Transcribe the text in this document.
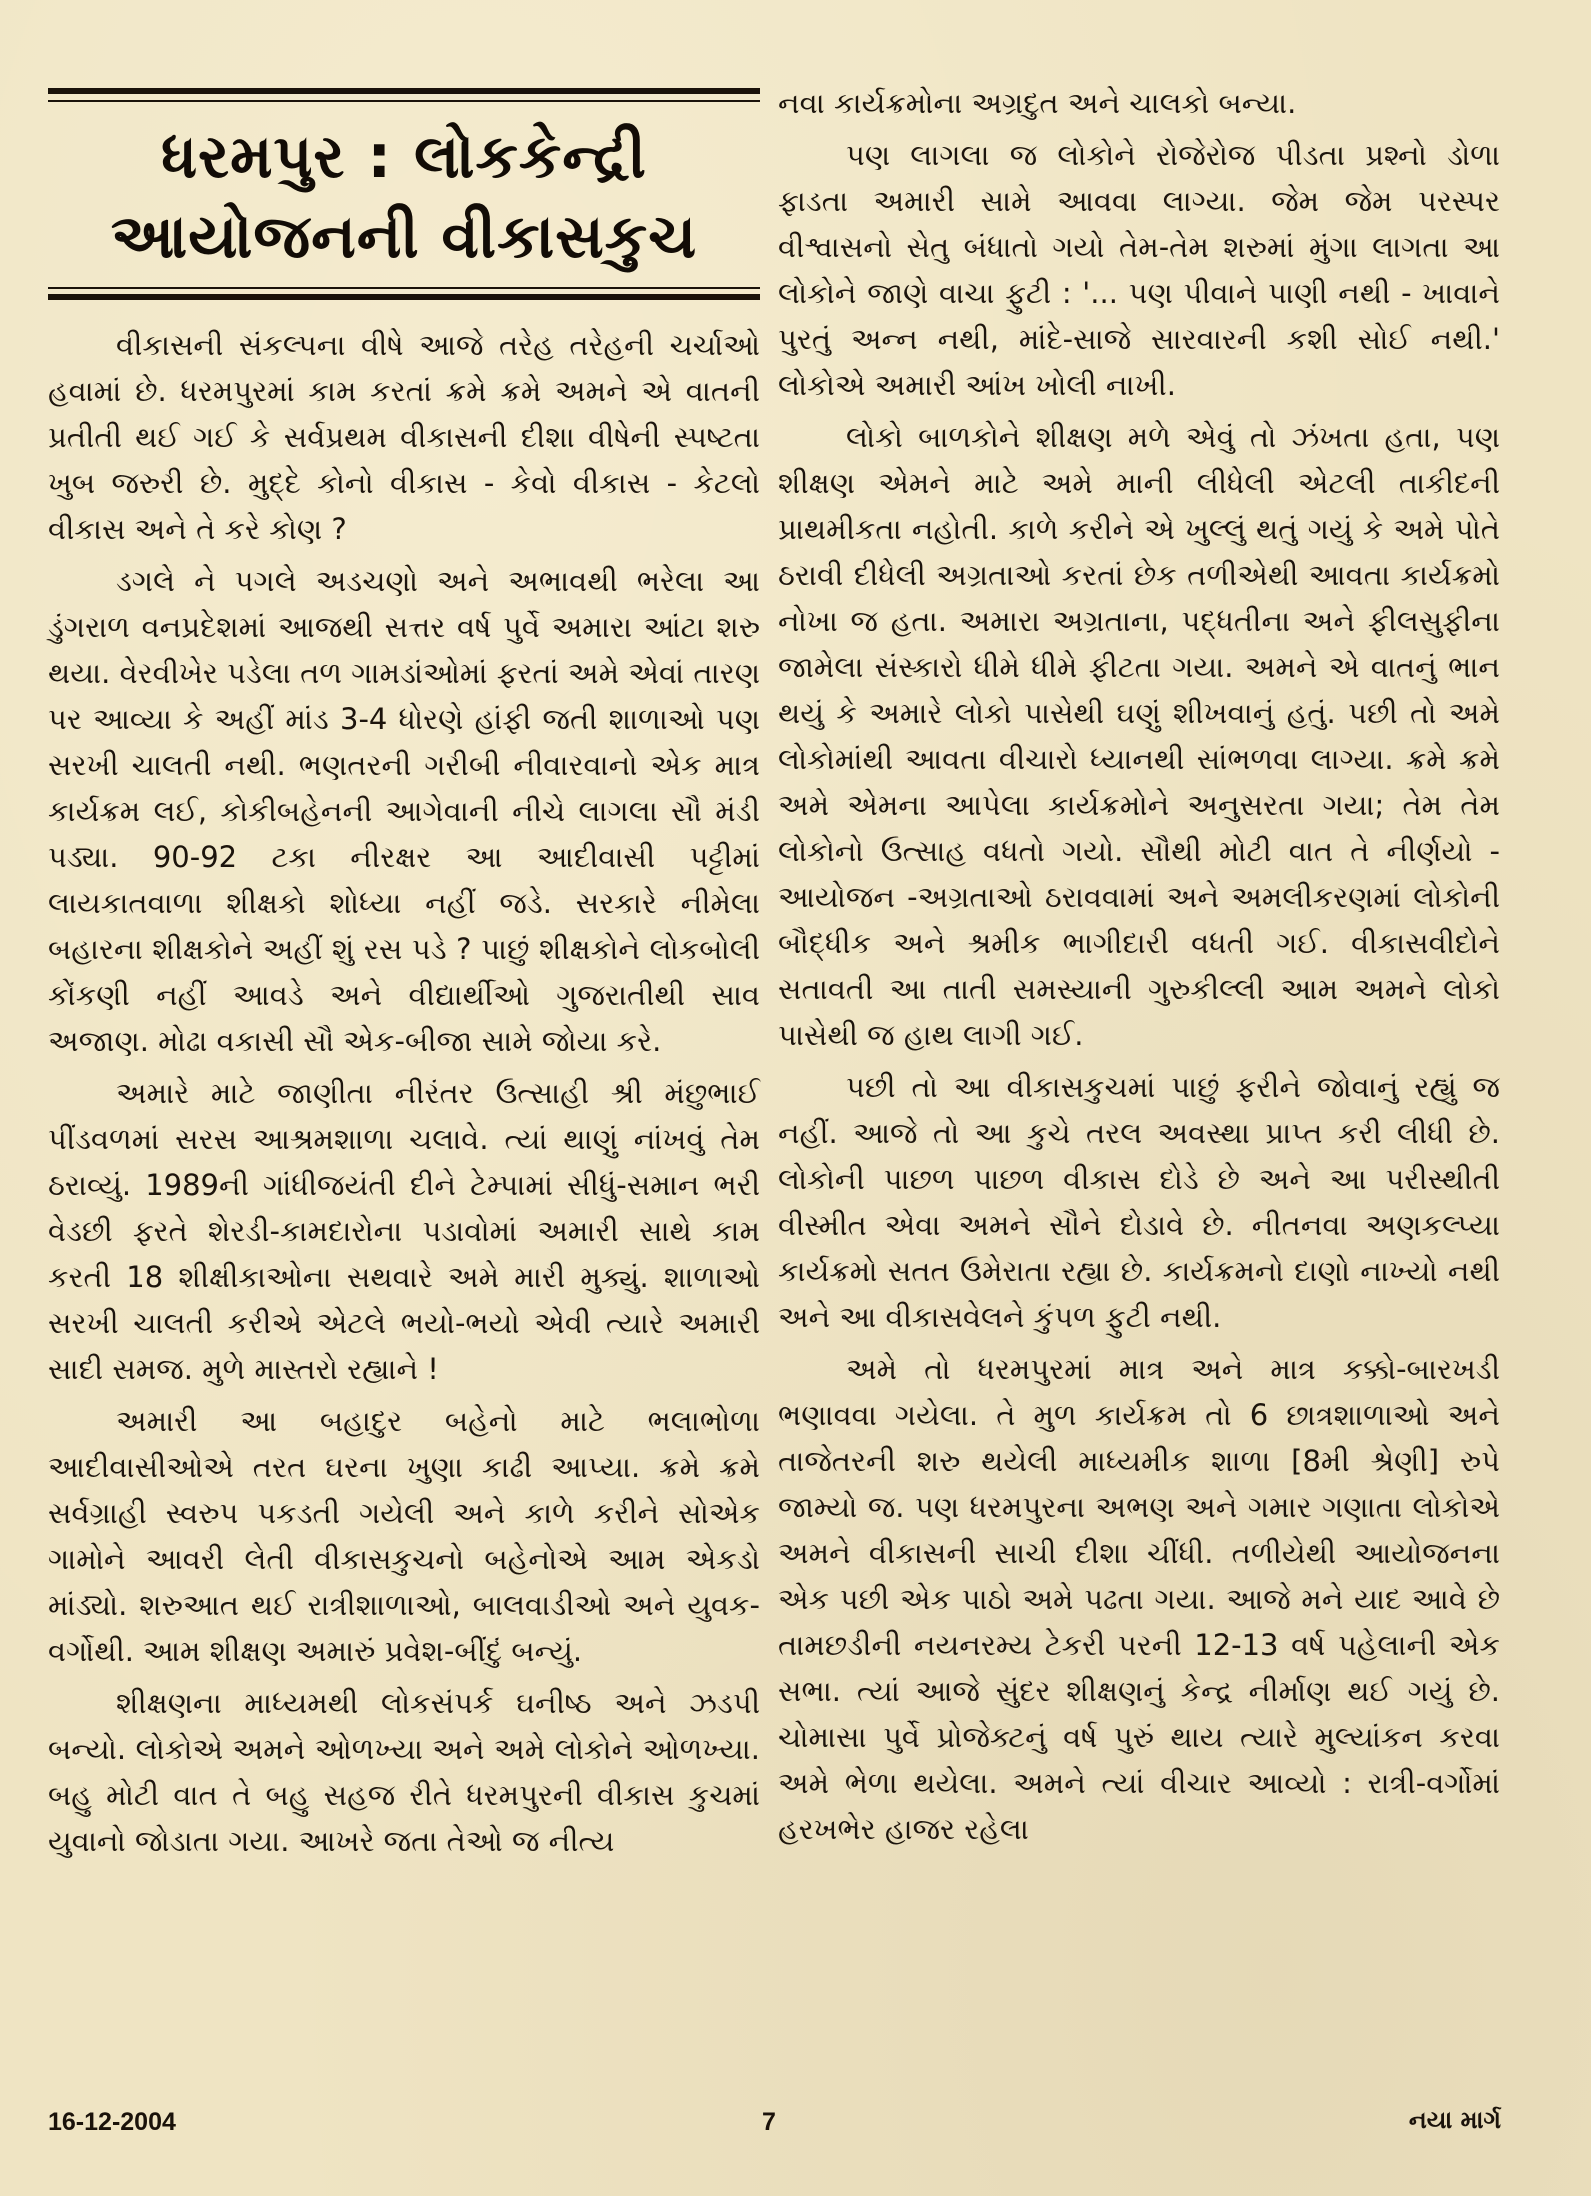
ધરમપુર : લોકકેન્દ્રી
આયોજનની વીકાસકુચ

વીકાસની સંકલ્પના વીષે આજે તરેહ તરેહની ચર્ચાઓ હવામાં છે. ધરમપુરમાં કામ કરતાં ક્રમે ક્રમે અમને એ વાતની પ્રતીતી થઈ ગઈ કે સર્વપ્રથમ વીકાસની દીશા વીષેની સ્પષ્ટતા ખુબ જરુરી છે. મુદ્દે કોનો વીકાસ - કેવો વીકાસ - કેટલો વીકાસ અને તે કરે કોણ ?

ડગલે ને પગલે અડચણો અને અભાવથી ભરેલા આ ડુંગરાળ વનપ્રદેશમાં આજથી સત્તર વર્ષ પુર્વે અમારા આંટા શરુ થયા. વેરવીખેર પડેલા તળ ગામડાંઓમાં ફરતાં અમે એવાં તારણ પર આવ્યા કે અહીં માંડ 3-4 ધોરણે હાંફી જતી શાળાઓ પણ સરખી ચાલતી નથી. ભણતરની ગરીબી નીવારવાનો એક માત્ર કાર્યક્રમ લઈ, કોકીબહેનની આગેવાની નીચે લાગલા સૌ મંડી પડ્યા. 90-92 ટકા નીરક્ષર આ આદીવાસી પટ્ટીમાં લાયકાતવાળા શીક્ષકો શોધ્યા નહીં જડે. સરકારે નીમેલા બહારના શીક્ષકોને અહીં શું રસ પડે ? પાછું શીક્ષકોને લોકબોલી કોંકણી નહીં આવડે અને વીદ્યાર્થીઓ ગુજરાતીથી સાવ અજાણ. મોઢા વકાસી સૌ એક-બીજા સામે જોયા કરે.

અમારે માટે જાણીતા નીરંતર ઉત્સાહી શ્રી મંછુભાઈ પીંડવળમાં સરસ આશ્રમશાળા ચલાવે. ત્યાં થાણું નાંખવું તેમ ઠરાવ્યું. 1989ની ગાંધીજયંતી દીને ટેમ્પામાં સીધું-સમાન ભરી વેડછી ફરતે શેરડી-કામદારોના પડાવોમાં અમારી સાથે કામ કરતી 18 શીક્ષીકાઓના સથવારે અમે મારી મુક્યું. શાળાઓ સરખી ચાલતી કરીએ એટલે ભયો-ભયો એવી ત્યારે અમારી સાદી સમજ. મુળે માસ્તરો રહ્યાને !

અમારી આ બહાદુર બહેનો માટે ભલાભોળા આદીવાસીઓએ તરત ઘરના ખુણા કાઢી આપ્યા. ક્રમે ક્રમે સર્વગ્રાહી સ્વરુપ પકડતી ગયેલી અને કાળે કરીને સોએક ગામોને આવરી લેતી વીકાસકુચનો બહેનોએ આમ એકડો માંડ્યો. શરુઆત થઈ રાત્રીશાળાઓ, બાલવાડીઓ અને યુવક-વર્ગોથી. આમ શીક્ષણ અમારું પ્રવેશ-બીંદું બન્યું.

શીક્ષણના માધ્યમથી લોકસંપર્ક ઘનીષ્ઠ અને ઝડપી બન્યો. લોકોએ અમને ઓળખ્યા અને અમે લોકોને ઓળખ્યા. બહુ મોટી વાત તે બહુ સહજ રીતે ધરમપુરની વીકાસ કુચમાં યુવાનો જોડાતા ગયા. આખરે જતા તેઓ જ નીત્ય

નવા કાર્યક્રમોના અગ્રદુત અને ચાલકો બન્યા.

પણ લાગલા જ લોકોને રોજેરોજ પીડતા પ્રશ્નો ડોળા ફાડતા અમારી સામે આવવા લાગ્યા. જેમ જેમ પરસ્પર વીશ્વાસનો સેતુ બંધાતો ગયો તેમ-તેમ શરુમાં મુંગા લાગતા આ લોકોને જાણે વાચા ફુટી : '... પણ પીવાને પાણી નથી - ખાવાને પુરતું અન્ન નથી, માંદે-સાજે સારવારની કશી સોઈ નથી.' લોકોએ અમારી આંખ ખોલી નાખી.

લોકો બાળકોને શીક્ષણ મળે એવું તો ઝંખતા હતા, પણ શીક્ષણ એમને માટે અમે માની લીધેલી એટલી તાકીદની પ્રાથમીકતા નહોતી. કાળે કરીને એ ખુલ્લું થતું ગયું કે અમે પોતે ઠરાવી દીધેલી અગ્રતાઓ કરતાં છેક તળીએથી આવતા કાર્યક્રમો નોખા જ હતા. અમારા અગ્રતાના, પદ્ધતીના અને ફીલસુફીના જામેલા સંસ્કારો ધીમે ધીમે ફીટતા ગયા. અમને એ વાતનું ભાન થયું કે અમારે લોકો પાસેથી ઘણું શીખવાનું હતું. પછી તો અમે લોકોમાંથી આવતા વીચારો ધ્યાનથી સાંભળવા લાગ્યા. ક્રમે ક્રમે અમે એમના આપેલા કાર્યક્રમોને અનુસરતા ગયા; તેમ તેમ લોકોનો ઉત્સાહ વધતો ગયો. સૌથી મોટી વાત તે નીર્ણયો - આયોજન -અગ્રતાઓ ઠરાવવામાં અને અમલીકરણમાં લોકોની બૌદ્ધીક અને શ્રમીક ભાગીદારી વધતી ગઈ. વીકાસવીદોને સતાવતી આ તાતી સમસ્યાની ગુરુકીલ્લી આમ અમને લોકો પાસેથી જ હાથ લાગી ગઈ.

પછી તો આ વીકાસકુચમાં પાછું ફરીને જોવાનું રહ્યું જ નહીં. આજે તો આ કુચે તરલ અવસ્થા પ્રાપ્ત કરી લીધી છે. લોકોની પાછળ પાછળ વીકાસ દોડે છે અને આ પરીસ્થીતી વીસ્મીત એવા અમને સૌને દોડાવે છે. નીતનવા અણકલ્પ્યા કાર્યક્રમો સતત ઉમેરાતા રહ્યા છે. કાર્યક્રમનો દાણો નાખ્યો નથી અને આ વીકાસવેલને કુંપળ ફુટી નથી.

અમે તો ધરમપુરમાં માત્ર અને માત્ર કક્કો-બારખડી ભણાવવા ગયેલા. તે મુળ કાર્યક્રમ તો 6 છાત્રશાળાઓ અને તાજેતરની શરુ થયેલી માધ્યમીક શાળા [8મી શ્રેણી] રુપે જામ્યો જ. પણ ધરમપુરના અભણ અને ગમાર ગણાતા લોકોએ અમને વીકાસની સાચી દીશા ચીંધી. તળીયેથી આયોજનના એક પછી એક પાઠો અમે પઢતા ગયા. આજે મને યાદ આવે છે તામછડીની નયનરમ્ય ટેકરી પરની 12-13 વર્ષ પહેલાની એક સભા. ત્યાં આજે સુંદર શીક્ષણનું કેન્દ્ર નીર્માણ થઈ ગયું છે. ચોમાસા પુર્વે પ્રોજેક્ટનું વર્ષ પુરું થાય ત્યારે મુલ્યાંકન કરવા અમે ભેળા થયેલા. અમને ત્યાં વીચાર આવ્યો : રાત્રી-વર્ગોમાં હરખભેર હાજર રહેલા

16-12-2004	7	નયા માર્ગ
